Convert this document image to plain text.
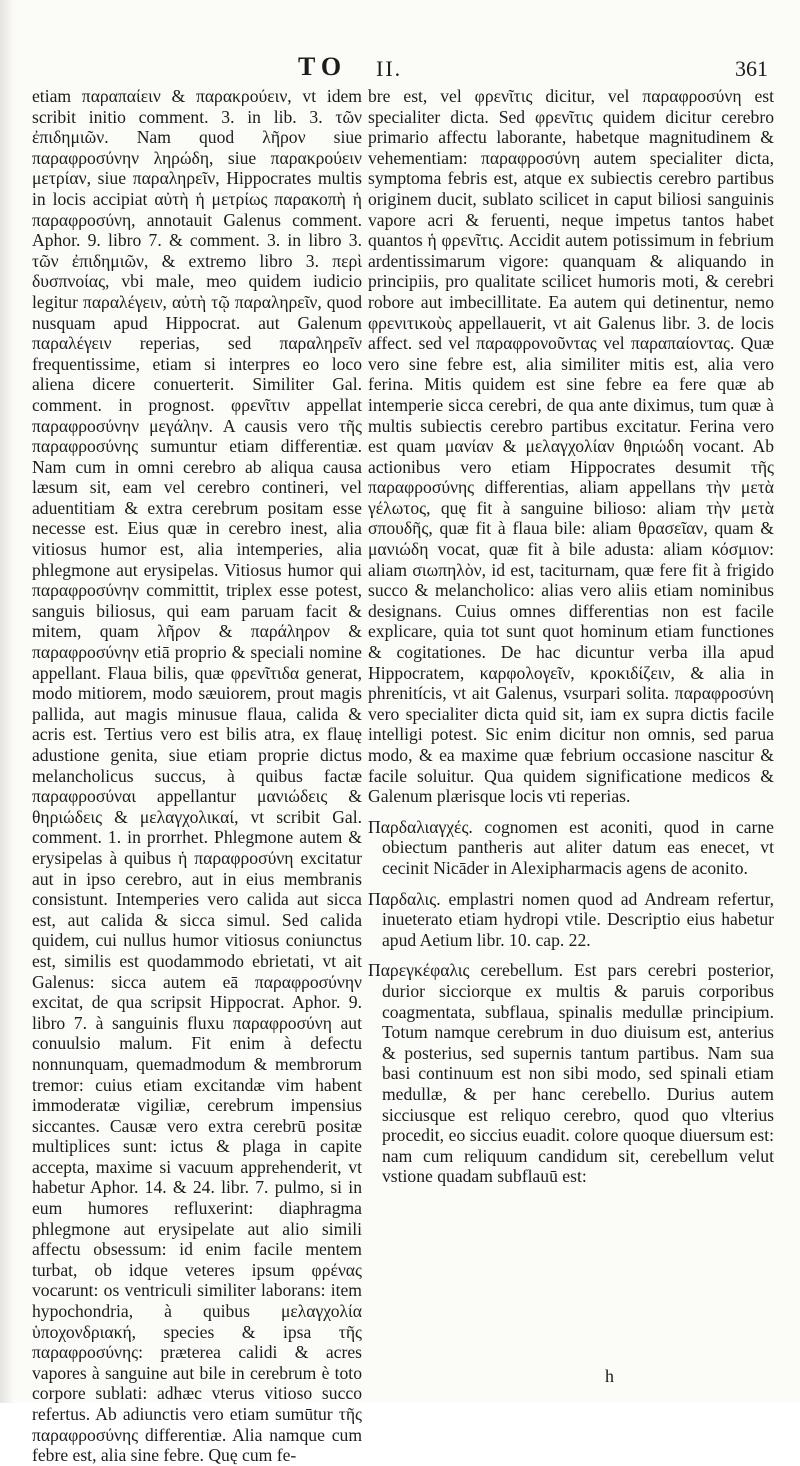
TO II.	361

etiam παραπαίειν & παρακρούειν, vt idem scribit initio comment. 3. in lib. 3. τῶν ἐπιδημιῶν. Nam quod λῆρον siue παραφροσύνην ληρώδη, siue παρακρούειν μετρίαν, siue παραληρεῖν, Hippocrates multis in locis accipiat αὐτὴ ἡ μετρίως παρακοπὴ ἡ παραφροσύνη, annotauit Galenus comment. Aphor. 9. libro 7. & comment. 3. in libro 3. τῶν ἐπιδημιῶν, & extremo libro 3. περὶ δυσπνοίας, vbi male, meo quidem iudicio legitur παραλέγειν, αὐτὴ τῷ παραληρεῖν, quod nusquam apud Hippocrat. aut Galenum παραλέγειν reperias, sed παραληρεῖν frequentissime, etiam si interpres eo loco aliena dicere conuerterit. Similiter Gal. comment. in prognost. φρενῖτιν appellat παραφροσύνην μεγάλην. A causis vero τῆς παραφροσύνης sumuntur etiam differentiæ. Nam cum in omni cerebro ab aliqua causa læsum sit, eam vel cerebro contineri, vel aduentitiam & extra cerebrum positam esse necesse est. Eius quæ in cerebro inest, alia vitiosus humor est, alia intemperies, alia phlegmone aut erysipelas. Vitiosus humor qui παραφροσύνην committit, triplex esse potest, sanguis biliosus, qui eam paruam facit & mitem, quam λῆρον & παράληρον & παραφροσύνην etiā proprio & speciali nomine appellant. Flaua bilis, quæ φρενῖτιδα generat, modo mitiorem, modo sæuiorem, prout magis pallida, aut magis minusue flaua, calida & acris est. Tertius vero est bilis atra, ex flauę adustione genita, siue etiam proprie dictus melancholicus succus, à quibus factæ παραφροσύναι appellantur μανιώδεις & θηριώδεις & μελαγχολικαί, vt scribit Gal. comment. 1. in prorrhet. Phlegmone autem & erysipelas à quibus ἡ παραφροσύνη excitatur aut in ipso cerebro, aut in eius membranis consistunt. Intemperies vero calida aut sicca est, aut calida & sicca simul. Sed calida quidem, cui nullus humor vitiosus coniunctus est, similis est quodammodo ebrietati, vt ait Galenus: sicca autem eā παραφροσύνην excitat, de qua scripsit Hippocrat. Aphor. 9. libro 7. à sanguinis fluxu παραφροσύνη aut conuulsio malum. Fit enim à defectu nonnunquam, quemadmodum & membrorum tremor: cuius etiam excitandæ vim habent immoderatæ vigiliæ, cerebrum impensius siccantes. Causæ vero extra cerebrū positæ multiplices sunt: ictus & plaga in capite accepta, maxime si vacuum apprehenderit, vt habetur Aphor. 14. & 24. libr. 7. pulmo, si in eum humores refluxerint: diaphragma phlegmone aut erysipelate aut alio simili affectu obsessum: id enim facile mentem turbat, ob idque veteres ipsum φρένας vocarunt: os ventriculi similiter laborans: item hypochondria, à quibus μελαγχολία ὑποχονδριακή, species & ipsa τῆς παραφροσύνης: præterea calidi & acres vapores à sanguine aut bile in cerebrum è toto corpore sublati: adhæc vterus vitioso succo refertus. Ab adiunctis vero etiam sumūtur τῆς παραφροσύνης differentiæ. Alia namque cum febre est, alia sine febre. Quę cum fe-

bre est, vel φρενῖτις dicitur, vel παραφροσύνη est specialiter dicta. Sed φρενῖτις quidem dicitur cerebro primario affectu laborante, habetque magnitudinem & vehementiam: παραφροσύνη autem specialiter dicta, symptoma febris est, atque ex subiectis cerebro partibus originem ducit, sublato scilicet in caput biliosi sanguinis vapore acri & feruenti, neque impetus tantos habet quantos ἡ φρενῖτις. Accidit autem potissimum in febrium ardentissimarum vigore: quanquam & aliquando in principiis, pro qualitate scilicet humoris moti, & cerebri robore aut imbecillitate. Ea autem qui detinentur, nemo φρενιτικοὺς appellauerit, vt ait Galenus libr. 3. de locis affect. sed vel παραφρονοῦντας vel παραπαίοντας. Quæ vero sine febre est, alia similiter mitis est, alia vero ferina. Mitis quidem est sine febre ea fere quæ ab intemperie sicca cerebri, de qua ante diximus, tum quæ à multis subiectis cerebro partibus excitatur. Ferina vero est quam μανίαν & μελαγχολίαν θηριώδη vocant. Ab actionibus vero etiam Hippocrates desumit τῆς παραφροσύνης differentias, aliam appellans τὴν μετὰ γέλωτος, quę fit à sanguine bilioso: aliam τὴν μετὰ σπουδῆς, quæ fit à flaua bile: aliam θρασεῖαν, quam & μανιώδη vocat, quæ fit à bile adusta: aliam κόσμιον: aliam σιωπηλὸν, id est, taciturnam, quæ fere fit à frigido succo & melancholico: alias vero aliis etiam nominibus designans. Cuius omnes differentias non est facile explicare, quia tot sunt quot hominum etiam functiones & cogitationes. De hac dicuntur verba illa apud Hippocratem, καρφολογεῖν, κροκιδίζειν, & alia in phrenitícis, vt ait Galenus, vsurpari solita. παραφροσύνη vero specialiter dicta quid sit, iam ex supra dictis facile intelligi potest. Sic enim dicitur non omnis, sed parua modo, & ea maxime quæ febrium occasione nascitur & facile soluitur. Qua quidem significatione medicos & Galenum plærisque locis vti reperias.

Παρδαλιαγχές. cognomen est aconiti, quod in carne obiectum pantheris aut aliter datum eas enecet, vt cecinit Nicāder in Alexipharmacis agens de aconito.

Παρδαλις. emplastri nomen quod ad Andream refertur, inueterato etiam hydropi vtile. Descriptio eius habetur apud Aetium libr. 10. cap. 22.

Παρεγκέφαλις cerebellum. Est pars cerebri posterior, durior sicciorque ex multis & paruis corporibus coagmentata, subflaua, spinalis medullæ principium. Totum namque cerebrum in duo diuisum est, anterius & posterius, sed supernis tantum partibus. Nam sua basi continuum est non sibi modo, sed spinali etiam medullæ, & per hanc cerebello. Durius autem sicciusque est reliquo cerebro, quod quo vlterius procedit, eo siccius euadit. colore quoque diuersum est: nam cum reliquum candidum sit, cerebellum velut vstione quadam subflauū est:

h
